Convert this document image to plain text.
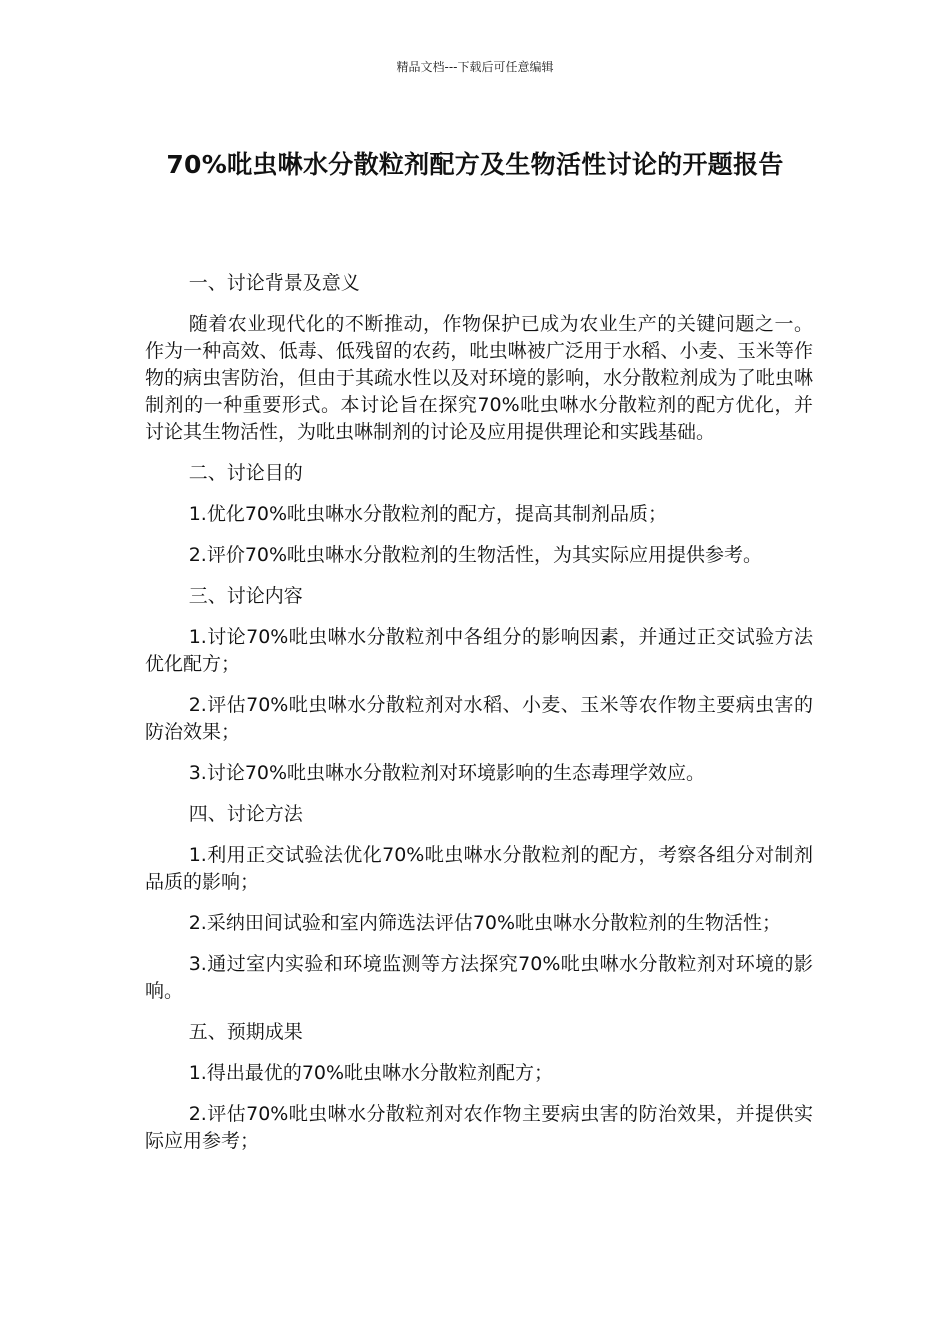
精品文档---下载后可任意编辑
70%吡虫啉水分散粒剂配方及生物活性讨论的开题报告
一、讨论背景及意义

随着农业现代化的不断推动，作物保护已成为农业生产的关键问题之一。作为一种高效、低毒、低残留的农药，吡虫啉被广泛用于水稻、小麦、玉米等作物的病虫害防治，但由于其疏水性以及对环境的影响，水分散粒剂成为了吡虫啉制剂的一种重要形式。本讨论旨在探究70%吡虫啉水分散粒剂的配方优化，并讨论其生物活性，为吡虫啉制剂的讨论及应用提供理论和实践基础。

二、讨论目的

1.优化70%吡虫啉水分散粒剂的配方，提高其制剂品质；

2.评价70%吡虫啉水分散粒剂的生物活性，为其实际应用提供参考。

三、讨论内容

1.讨论70%吡虫啉水分散粒剂中各组分的影响因素，并通过正交试验方法优化配方；

2.评估70%吡虫啉水分散粒剂对水稻、小麦、玉米等农作物主要病虫害的防治效果；

3.讨论70%吡虫啉水分散粒剂对环境影响的生态毒理学效应。

四、讨论方法

1.利用正交试验法优化70%吡虫啉水分散粒剂的配方，考察各组分对制剂品质的影响；

2.采纳田间试验和室内筛选法评估70%吡虫啉水分散粒剂的生物活性；

3.通过室内实验和环境监测等方法探究70%吡虫啉水分散粒剂对环境的影响。

五、预期成果

1.得出最优的70%吡虫啉水分散粒剂配方；

2.评估70%吡虫啉水分散粒剂对农作物主要病虫害的防治效果，并提供实际应用参考；
